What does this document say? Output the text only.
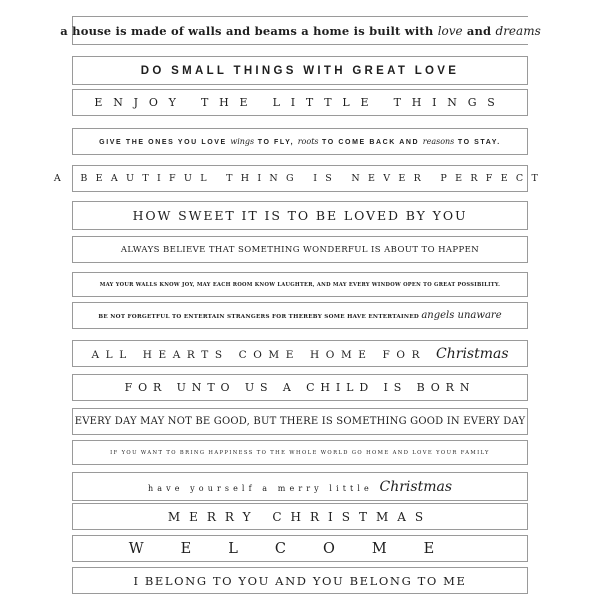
a house is made of walls and beams a home is built with love and dreams
DO SMALL THINGS WITH GREAT LOVE
ENJOY THE LITTLE THINGS
GIVE THE ONES YOU LOVE wings TO FLY, roots TO COME BACK AND reasons TO STAY.
A BEAUTIFUL THING IS NEVER PERFECT
HOW SWEET IT IS TO BE LOVED BY YOU
ALWAYS BELIEVE THAT SOMETHING WONDERFUL IS ABOUT TO HAPPEN
MAY YOUR WALLS KNOW JOY, MAY EACH ROOM KNOW LAUGHTER, AND MAY EVERY WINDOW OPEN TO GREAT POSSIBILITY.
BE NOT FORGETFUL TO ENTERTAIN STRANGERS FOR THEREBY SOME HAVE ENTERTAINED angels unaware
ALL HEARTS COME HOME FOR Christmas
FOR UNTO US A CHILD IS BORN
EVERY DAY MAY NOT BE GOOD, BUT THERE IS SOMETHING GOOD IN EVERY DAY
IF YOU WANT TO BRING HAPPINESS TO THE WHOLE WORLD GO HOME AND LOVE YOUR FAMILY
have yourself a merry little Christmas
MERRY CHRISTMAS
WELCOME
I BELONG TO YOU AND YOU BELONG TO ME
